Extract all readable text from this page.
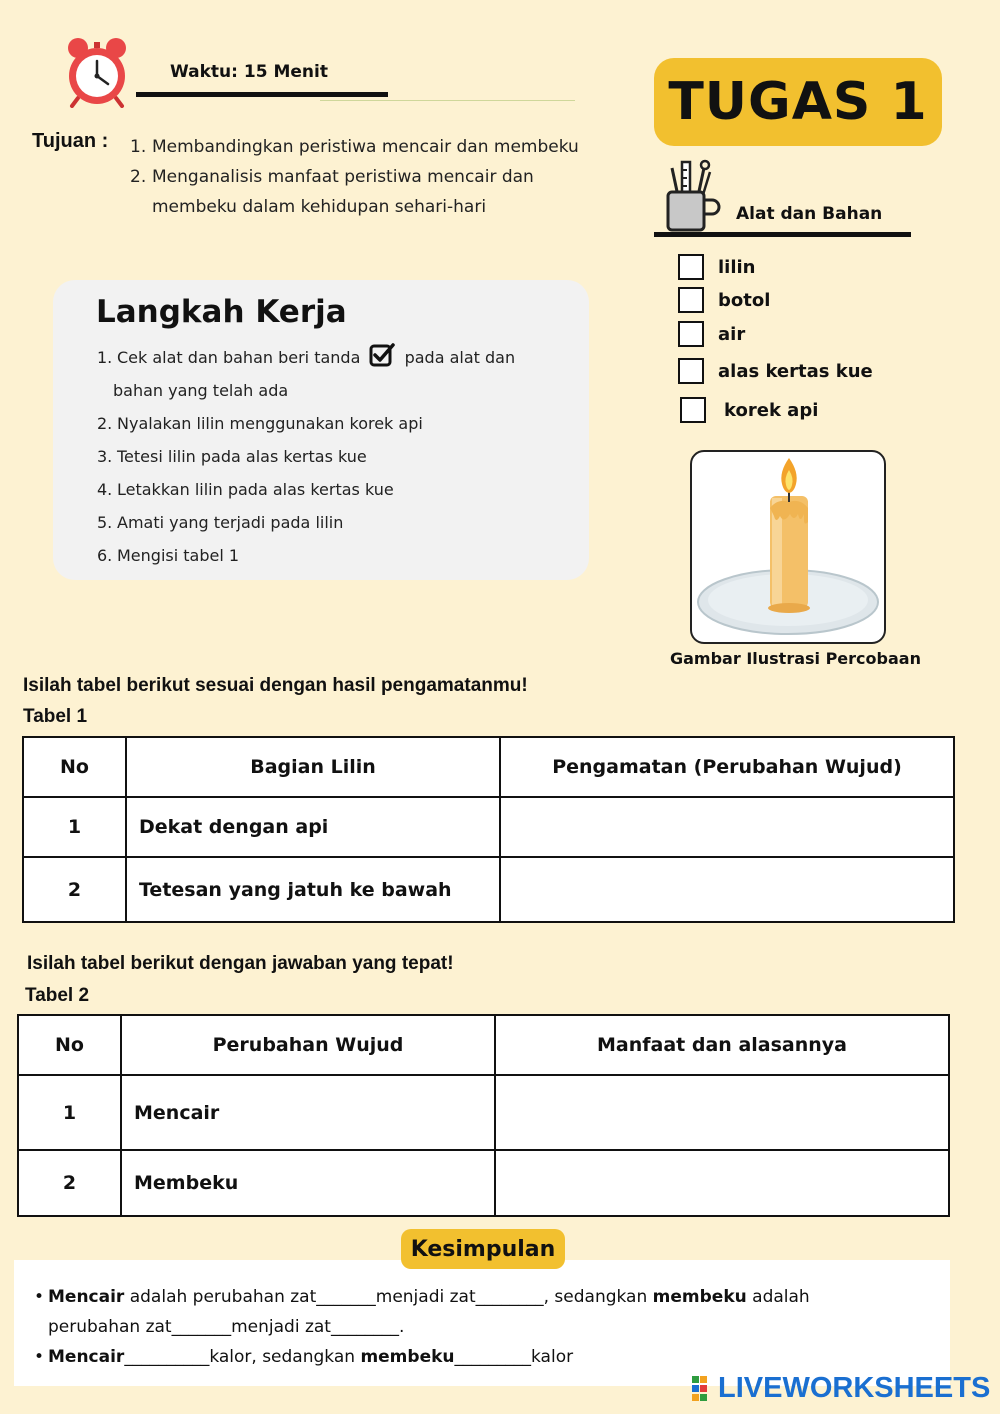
Waktu: 15 Menit	TUGAS 1
Tujuan : 1. Membandingkan peristiwa mencair dan membeku
2. Menganalisis manfaat peristiwa mencair dan
membeku dalam kehidupan sehari-hari	Alat dan Bahan
lilin
botol
air
alas kertas kue
korek api
Gambar Ilustrasi Percobaan
Langkah Kerja
1. Cek alat dan bahan beri tanda	pada alat dan
bahan yang telah ada
2. Nyalakan lilin menggunakan korek api
3. Tetesi lilin pada alas kertas kue
4. Letakkan lilin pada alas kertas kue
5. Amati yang terjadi pada lilin
6. Mengisi tabel 1
Isilah tabel berikut sesuai dengan hasil pengamatanmu!
Tabel 1
No	Bagian Lilin	Pengamatan (Perubahan Wujud)
1	Dekat dengan api	
2	Tetesan yang jatuh ke bawah	
Isilah tabel berikut dengan jawaban yang tepat!
Tabel 2
No	Perubahan Wujud	Manfaat dan alasannya
1	Mencair	
2	Membeku	
Kesimpulan
• Mencair adalah perubahan zat_______menjadi zat________, sedangkan membeku adalah
perubahan zat_______menjadi zat________.
• Mencair__________kalor, sedangkan membeku_________kalor
LIVEWORKSHEETS
